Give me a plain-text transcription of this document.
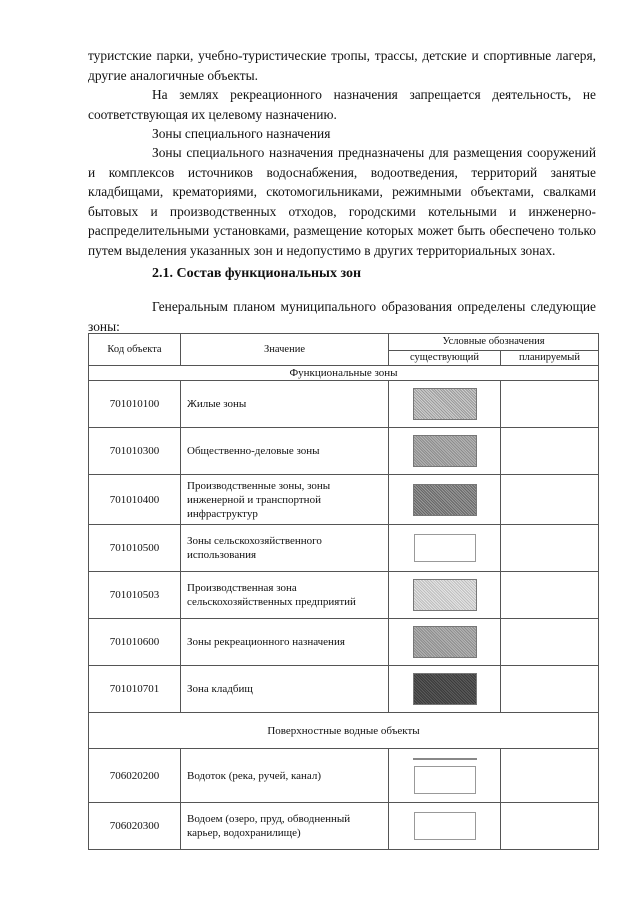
туристские парки, учебно-туристические тропы, трассы, детские и спортивные лагеря, другие аналогичные объекты.

На землях рекреационного назначения запрещается деятельность, не соответствующая их целевому назначению.

Зоны специального назначения

Зоны специального назначения предназначены для размещения сооружений и комплексов источников водоснабжения, водоотведения, территорий занятые кладбищами, крематориями, скотомогильниками, режимными объектами, свалками бытовых и производственных отходов, городскими котельными и инженерно-распределительными установками, размещение которых может быть обеспечено только путем выделения указанных зон и недопустимо в других территориальных зонах.

2.1. Состав функциональных зон

Генеральным планом муниципального образования определены следующие зоны:

Код объекта	Значение	Условные обозначения	
		существующий	планируемый
Функциональные зоны			
701010100	Жилые зоны	

701010300	Общественно-деловые зоны	

701010400	Производственные зоны, зоны инженерной и транспортной инфраструктур	

701010500	Зоны сельскохозяйственного использования	

701010503	Производственная зона сельскохозяйственных предприятий	

701010600	Зоны рекреационного назначения	

701010701	Зона кладбищ	

Поверхностные водные объекты			
706020200	Водоток (река, ручей, канал)	

706020300	Водоем (озеро, пруд, обводненный карьер, водохранилище)	
